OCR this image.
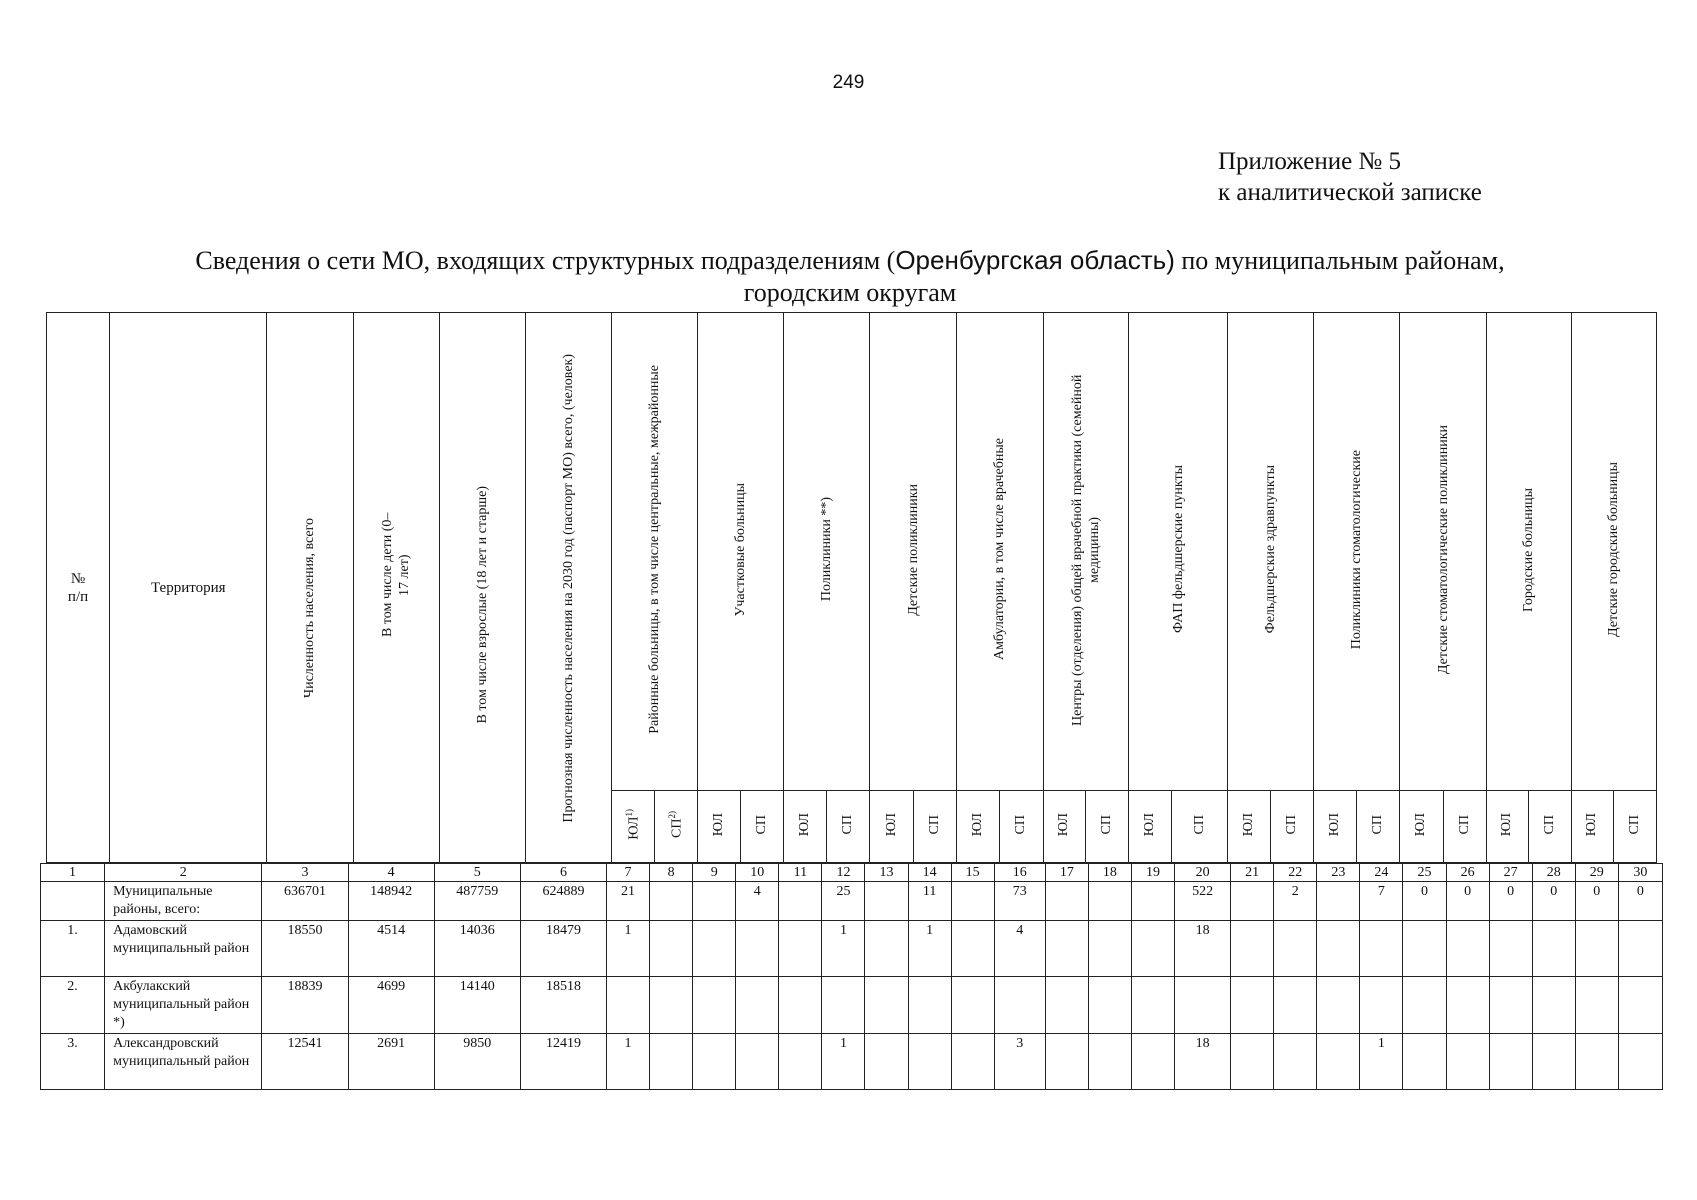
249
Приложение № 5
к аналитической записке
Сведения о сети МО, входящих структурных подразделениям (Оренбургская область) по муниципальным районам,
городским округам
№ п/п	Территория	Численность населения, всего	В том числе дети (0–17 лет)	В том числе взрослые (18 лет и старше)	Прогнозная численность населения на 2030 год (паспорт МО) всего, (человек)	Районные больницы, в том числе центральные, межрайонные		Участковые больницы		Поликлиники **)		Детские поликлиники		Амбулатории, в том числе врачебные		Центры (отделения) общей врачебной практики (семейной медицины)		ФАП фельдшерские пункты		Фельдшерские здравпункты		Поликлиники стоматологические		Детские стоматологические поликлиники		Городские больницы		Детские городские больницы	
						ЮЛ$^{1)}$	СП$^{2)}$	ЮЛ	СП	ЮЛ	СП	ЮЛ	СП	ЮЛ	СП	ЮЛ	СП	ЮЛ	СП	ЮЛ	СП	ЮЛ	СП	ЮЛ	СП	ЮЛ	СП	ЮЛ	СП
1	2	3	4	5	6	7	8	9	10	11	12	13	14	15	16	17	18	19	20	21	22	23	24	25	26	27	28	29	30
	Муниципальные районы, всего:	636701	148942	487759	624889	21			4		25		11		73				522		2		7	0	0	0	0	0	0
1.	Адамовский муниципальный район	18550	4514	14036	18479	1					1		1		4				18										
2.	Акбулакский муниципальный район *)	18839	4699	14140	18518																								
3.	Александровский муниципальный район	12541	2691	9850	12419	1					1				3				18				1						
